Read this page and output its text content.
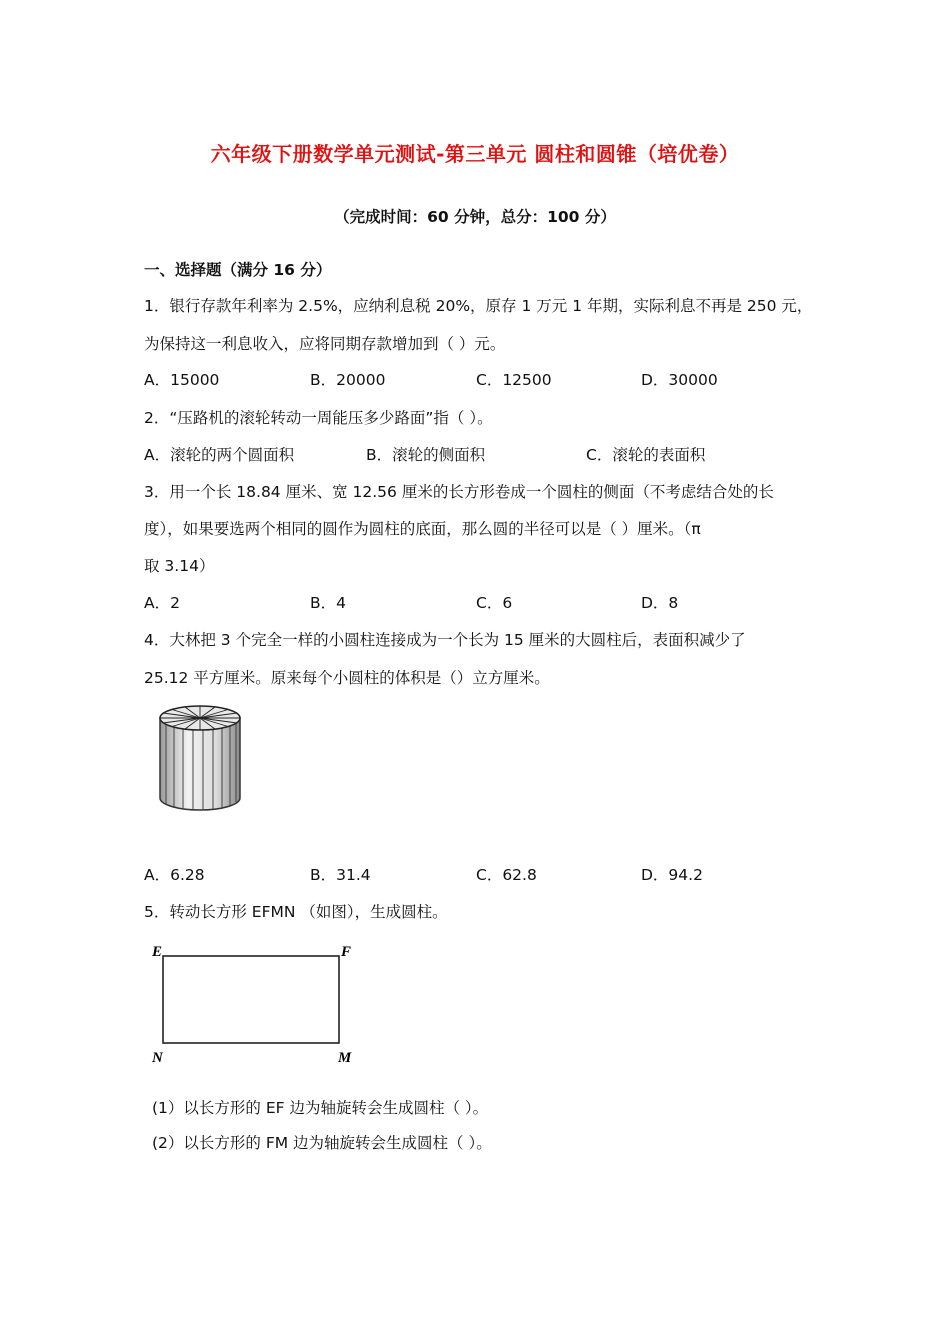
六年级下册数学单元测试-第三单元 圆柱和圆锥（培优卷）
（完成时间：60 分钟，总分：100 分）
一、选择题（满分 16 分）
1．银行存款年利率为 2.5%，应纳利息税 20%，原存 1 万元 1 年期，实际利息不再是 250 元，
为保持这一利息收入，应将同期存款增加到（ ）元。
A．15000	B．20000	C．12500	D．30000
2．“压路机的滚轮转动一周能压多少路面”指（ ）。
A．滚轮的两个圆面积	B．滚轮的侧面积	C．滚轮的表面积
3．用一个长 18.84 厘米、宽 12.56 厘米的长方形卷成一个圆柱的侧面（不考虑结合处的长
度），如果要选两个相同的圆作为圆柱的底面，那么圆的半径可以是（ ）厘米。（π
取 3.14）
A．2	B．4	C．6	D．8
4．大林把 3 个完全一样的小圆柱连接成为一个长为 15 厘米的大圆柱后，表面积减少了
25.12 平方厘米。原来每个小圆柱的体积是（）立方厘米。
A．6.28	B．31.4	C．62.8	D．94.2
5．转动长方形 EFMN （如图），生成圆柱。
E	F
N	M
(1）以长方形的 EF 边为轴旋转会生成圆柱（ ）。
(2）以长方形的 FM 边为轴旋转会生成圆柱（ ）。
